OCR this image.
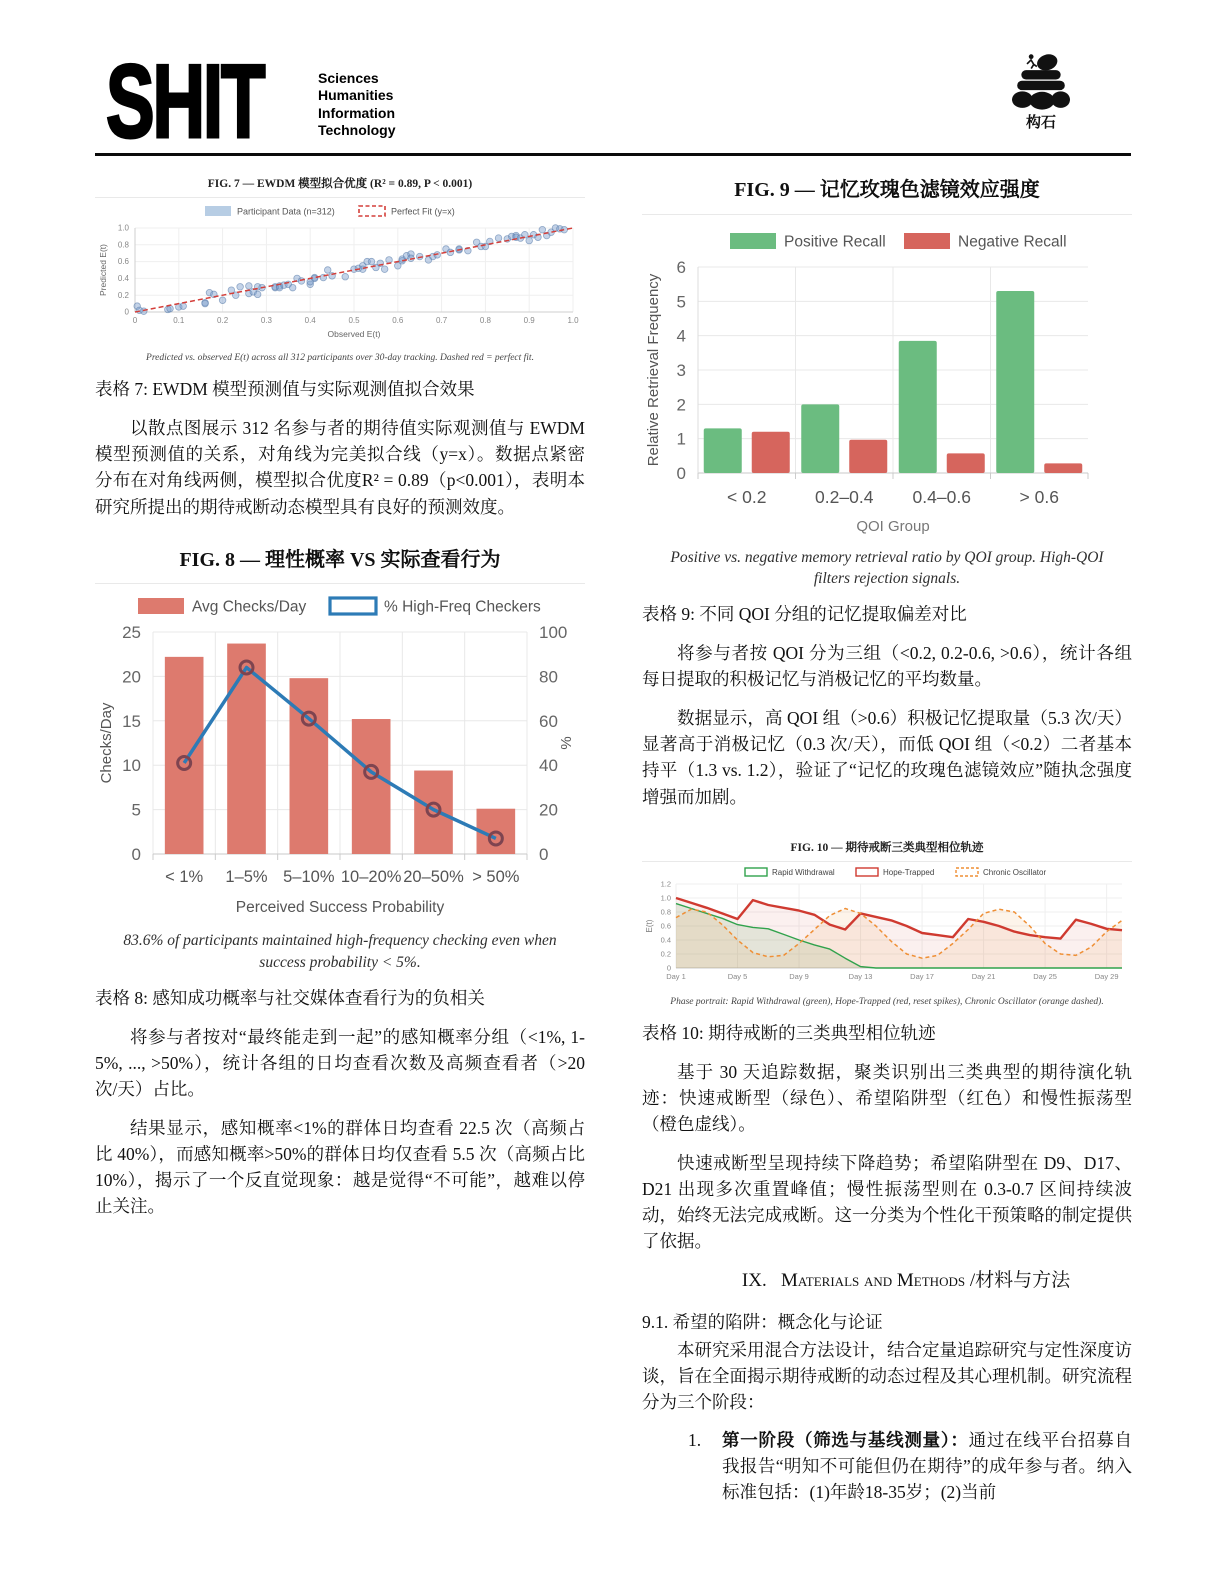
SHIT	Sciences
Humanities
Information
Technology	构石
FIG. 7 — EWDM 模型拟合优度 (R² = 0.89, P < 0.001)
0	0.1	0.2	0.3	0.4	0.5	0.6	0.7	0.8	0.9	1.0
0
0.2
0.4
0.6
0.8
1.0
Observed E(t)
Predicted E(t)
Participant Data (n=312)	Perfect Fit (y=x)
Predicted vs. observed E(t) across all 312 participants over 30-day tracking. Dashed red = perfect fit.
表格 7: EWDM 模型预测值与实际观测值拟合效果

以散点图展示 312 名参与者的期待值实际观测值与 EWDM 模型预测值的关系，对角线为完美拟合线（y=x）。数据点紧密分布在对角线两侧，模型拟合优度R² = 0.89（p<0.001），表明本研究所提出的期待戒断动态模型具有良好的预测效度。

FIG. 8 — 理性概率 VS 实际查看行为
0
5
10
15
20
25
0
20
40
60
80
100
< 1% 1–5% 5–10% 10–20% 20–50% > 50%
Perceived Success Probability
Checks/Day	%
Avg Checks/Day	% High-Freq Checkers
83.6% of participants maintained high-frequency checking even when success probability < 5%.
表格 8: 感知成功概率与社交媒体查看行为的负相关

将参与者按对“最终能走到一起”的感知概率分组（<1%, 1-5%, ..., >50%），统计各组的日均查看次数及高频查看者（>20 次/天）占比。

结果显示，感知概率<1%的群体日均查看 22.5 次（高频占比 40%），而感知概率>50%的群体日均仅查看 5.5 次（高频占比 10%），揭示了一个反直觉现象：越是觉得“不可能”，越难以停止关注。

FIG. 9 — 记忆玫瑰色滤镜效应强度
0
1
2
3
4
5
6
< 0.2	0.2–0.4 0.4–0.6	> 0.6
QOI Group
Relative Retrieval Frequency
Positive Recall	Negative Recall
Positive vs. negative memory retrieval ratio by QOI group. High-QOI filters rejection signals.
表格 9: 不同 QOI 分组的记忆提取偏差对比

将参与者按 QOI 分为三组（<0.2, 0.2-0.6, >0.6），统计各组每日提取的积极记忆与消极记忆的平均数量。

数据显示，高 QOI 组（>0.6）积极记忆提取量（5.3 次/天）显著高于消极记忆（0.3 次/天），而低 QOI 组（<0.2）二者基本持平（1.3 vs. 1.2），验证了“记忆的玫瑰色滤镜效应”随执念强度增强而加剧。

FIG. 10 — 期待戒断三类典型相位轨迹
0
0.2
0.4
0.6
0.8
1.0
1.2
Day 1	Day 5	Day 9	Day 13	Day 17	Day 21	Day 25	Day 29
E(t)
Rapid Withdrawal	Hope-Trapped	Chronic Oscillator
Phase portrait: Rapid Withdrawal (green), Hope-Trapped (red, reset spikes), Chronic Oscillator (orange dashed).
表格 10: 期待戒断的三类典型相位轨迹

基于 30 天追踪数据，聚类识别出三类典型的期待演化轨迹：快速戒断型（绿色）、希望陷阱型（红色）和慢性振荡型（橙色虚线）。

快速戒断型呈现持续下降趋势；希望陷阱型在 D9、D17、D21 出现多次重置峰值；慢性振荡型则在 0.3-0.7 区间持续波动，始终无法完成戒断。这一分类为个性化干预策略的制定提供了依据。

IX. Materials and Methods /材料与方法

9.1. 希望的陷阱：概念化与论证

本研究采用混合方法设计，结合定量追踪研究与定性深度访谈，旨在全面揭示期待戒断的动态过程及其心理机制。研究流程分为三个阶段：

1. 第一阶段（筛选与基线测量）：通过在线平台招募自我报告“明知不可能但仍在期待”的成年参与者。纳入标准包括：(1)年龄18-35岁；(2)当前
